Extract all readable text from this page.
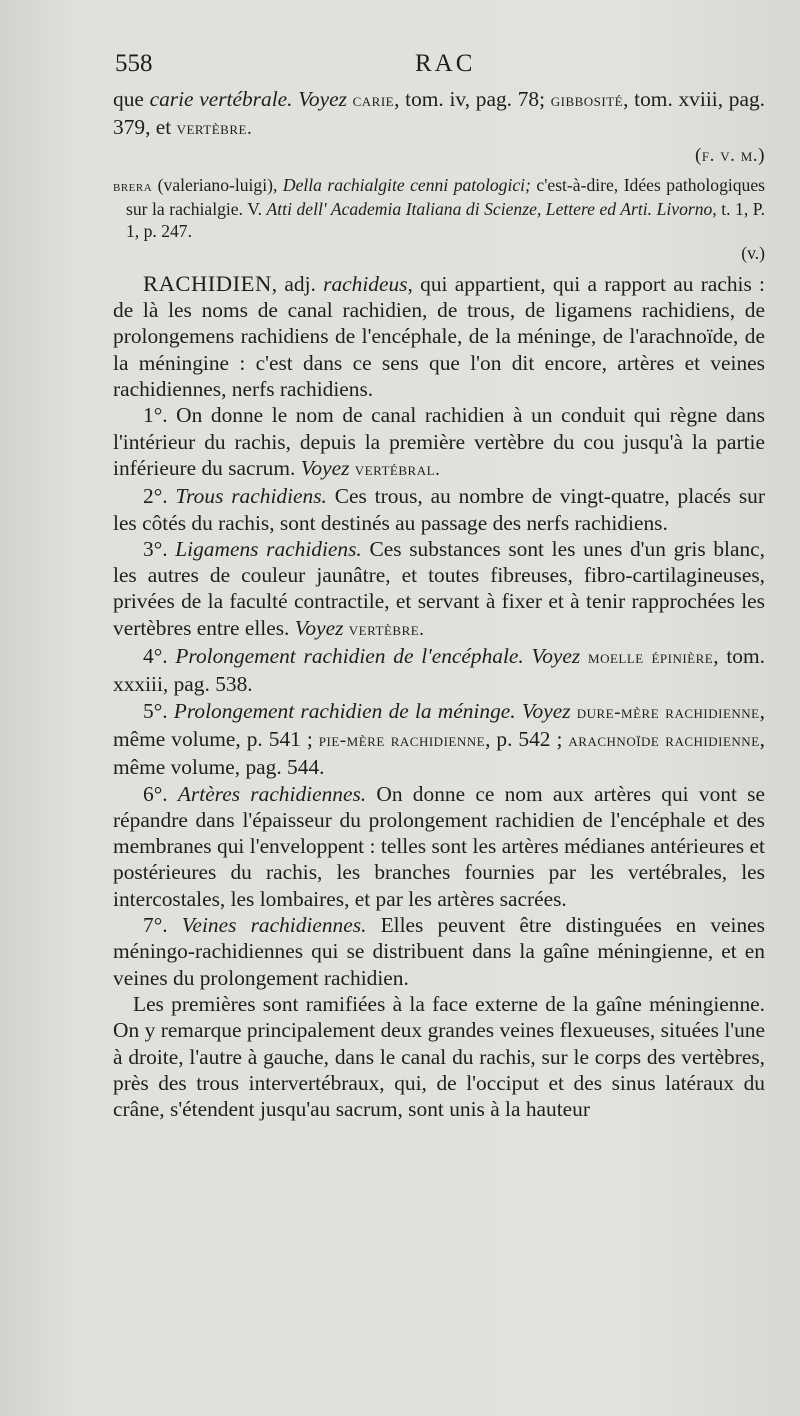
558	RAC

que carie vertébrale. Voyez carie, tom. iv, pag. 78; gibbosité, tom. xviii, pag. 379, et vertèbre.
(f. v. m.)

brera (valeriano-luigi), Della rachialgite cenni patologici; c'est-à-dire, Idées pathologiques sur la rachialgie. V. Atti dell' Academia Italiana di Scienze, Lettere ed Arti. Livorno, t. 1, P. 1, p. 247.
(v.)

RACHIDIEN, adj. rachideus, qui appartient, qui a rapport au rachis : de là les noms de canal rachidien, de trous, de ligamens rachidiens, de prolongemens rachidiens de l'encéphale, de la méninge, de l'arachnoïde, de la méningine : c'est dans ce sens que l'on dit encore, artères et veines rachidiennes, nerfs rachidiens.

1°. On donne le nom de canal rachidien à un conduit qui règne dans l'intérieur du rachis, depuis la première vertèbre du cou jusqu'à la partie inférieure du sacrum. Voyez vertébral.

2°. Trous rachidiens. Ces trous, au nombre de vingt-quatre, placés sur les côtés du rachis, sont destinés au passage des nerfs rachidiens.

3°. Ligamens rachidiens. Ces substances sont les unes d'un gris blanc, les autres de couleur jaunâtre, et toutes fibreuses, fibro-cartilagineuses, privées de la faculté contractile, et servant à fixer et à tenir rapprochées les vertèbres entre elles. Voyez vertèbre.

4°. Prolongement rachidien de l'encéphale. Voyez moelle épinière, tom. xxxiii, pag. 538.

5°. Prolongement rachidien de la méninge. Voyez dure-mère rachidienne, même volume, p. 541 ; pie-mère rachidienne, p. 542 ; arachnoïde rachidienne, même volume, pag. 544.

6°. Artères rachidiennes. On donne ce nom aux artères qui vont se répandre dans l'épaisseur du prolongement rachidien de l'encéphale et des membranes qui l'enveloppent : telles sont les artères médianes antérieures et postérieures du rachis, les branches fournies par les vertébrales, les intercostales, les lombaires, et par les artères sacrées.

7°. Veines rachidiennes. Elles peuvent être distinguées en veines méningo-rachidiennes qui se distribuent dans la gaîne méningienne, et en veines du prolongement rachidien.

Les premières sont ramifiées à la face externe de la gaîne méningienne. On y remarque principalement deux grandes veines flexueuses, situées l'une à droite, l'autre à gauche, dans le canal du rachis, sur le corps des vertèbres, près des trous intervertébraux, qui, de l'occiput et des sinus latéraux du crâne, s'étendent jusqu'au sacrum, sont unis à la hauteur
